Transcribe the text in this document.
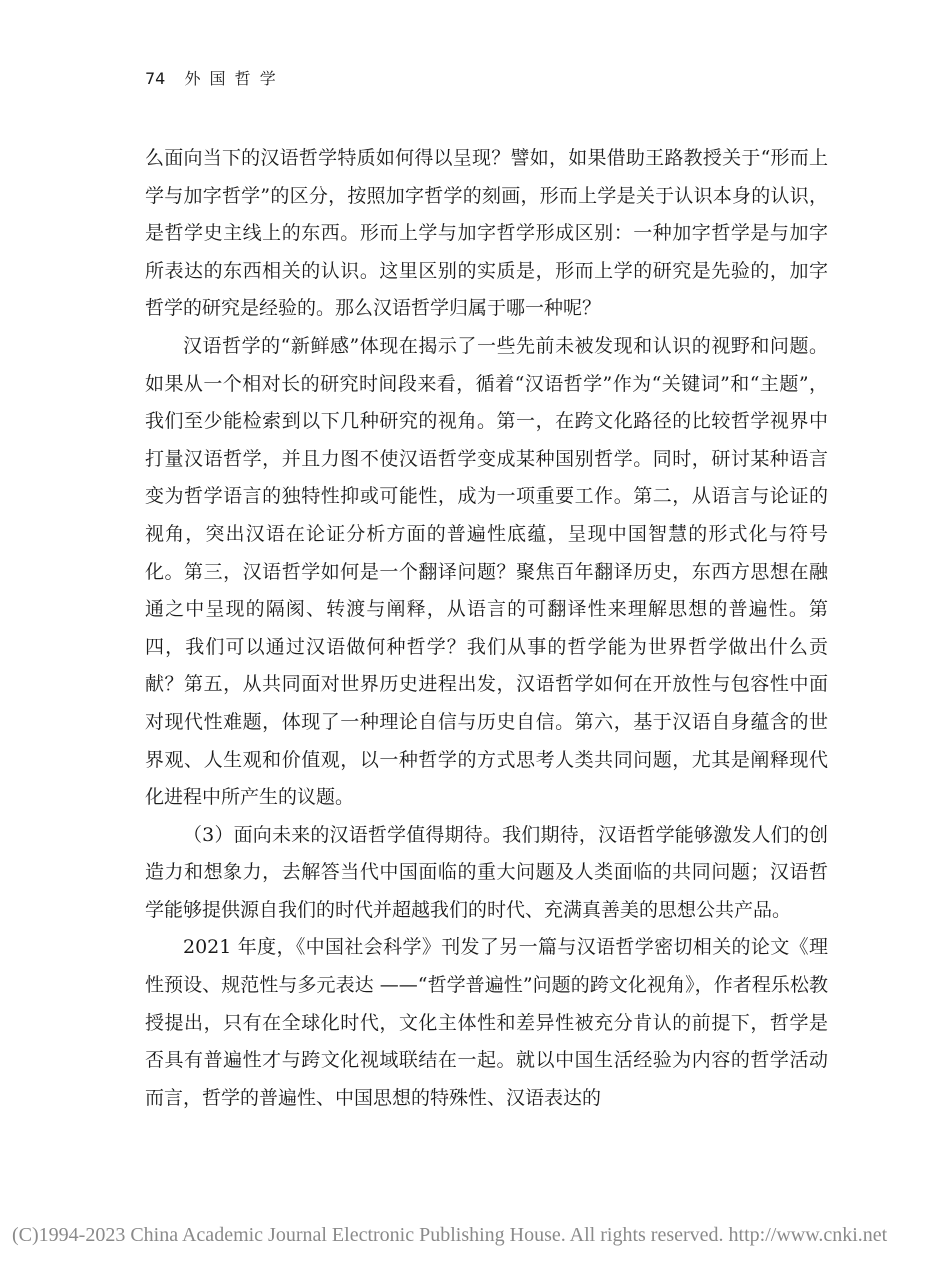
74 外 国 哲 学

么面向当下的汉语哲学特质如何得以呈现？譬如，如果借助王路教授关于“形而上学与加字哲学”的区分，按照加字哲学的刻画，形而上学是关于认识本身的认识，是哲学史主线上的东西。形而上学与加字哲学形成区别：一种加字哲学是与加字所表达的东西相关的认识。这里区别的实质是，形而上学的研究是先验的，加字哲学的研究是经验的。那么汉语哲学归属于哪一种呢？

汉语哲学的“新鲜感”体现在揭示了一些先前未被发现和认识的视野和问题。如果从一个相对长的研究时间段来看，循着“汉语哲学”作为“关键词”和“主题”，我们至少能检索到以下几种研究的视角。第一，在跨文化路径的比较哲学视界中打量汉语哲学，并且力图不使汉语哲学变成某种国别哲学。同时，研讨某种语言变为哲学语言的独特性抑或可能性，成为一项重要工作。第二，从语言与论证的视角，突出汉语在论证分析方面的普遍性底蕴，呈现中国智慧的形式化与符号化。第三，汉语哲学如何是一个翻译问题？聚焦百年翻译历史，东西方思想在融通之中呈现的隔阂、转渡与阐释，从语言的可翻译性来理解思想的普遍性。第四，我们可以通过汉语做何种哲学？我们从事的哲学能为世界哲学做出什么贡献？第五，从共同面对世界历史进程出发，汉语哲学如何在开放性与包容性中面对现代性难题，体现了一种理论自信与历史自信。第六，基于汉语自身蕴含的世界观、人生观和价值观，以一种哲学的方式思考人类共同问题，尤其是阐释现代化进程中所产生的议题。

（3）面向未来的汉语哲学值得期待。我们期待，汉语哲学能够激发人们的创造力和想象力，去解答当代中国面临的重大问题及人类面临的共同问题；汉语哲学能够提供源自我们的时代并超越我们的时代、充满真善美的思想公共产品。

2021 年度，《中国社会科学》刊发了另一篇与汉语哲学密切相关的论文《理性预设、规范性与多元表达 ——“哲学普遍性”问题的跨文化视角》，作者程乐松教授提出，只有在全球化时代，文化主体性和差异性被充分肯认的前提下，哲学是否具有普遍性才与跨文化视域联结在一起。就以中国生活经验为内容的哲学活动而言，哲学的普遍性、中国思想的特殊性、汉语表达的

(C)1994-2023 China Academic Journal Electronic Publishing House. All rights reserved. http://www.cnki.net
